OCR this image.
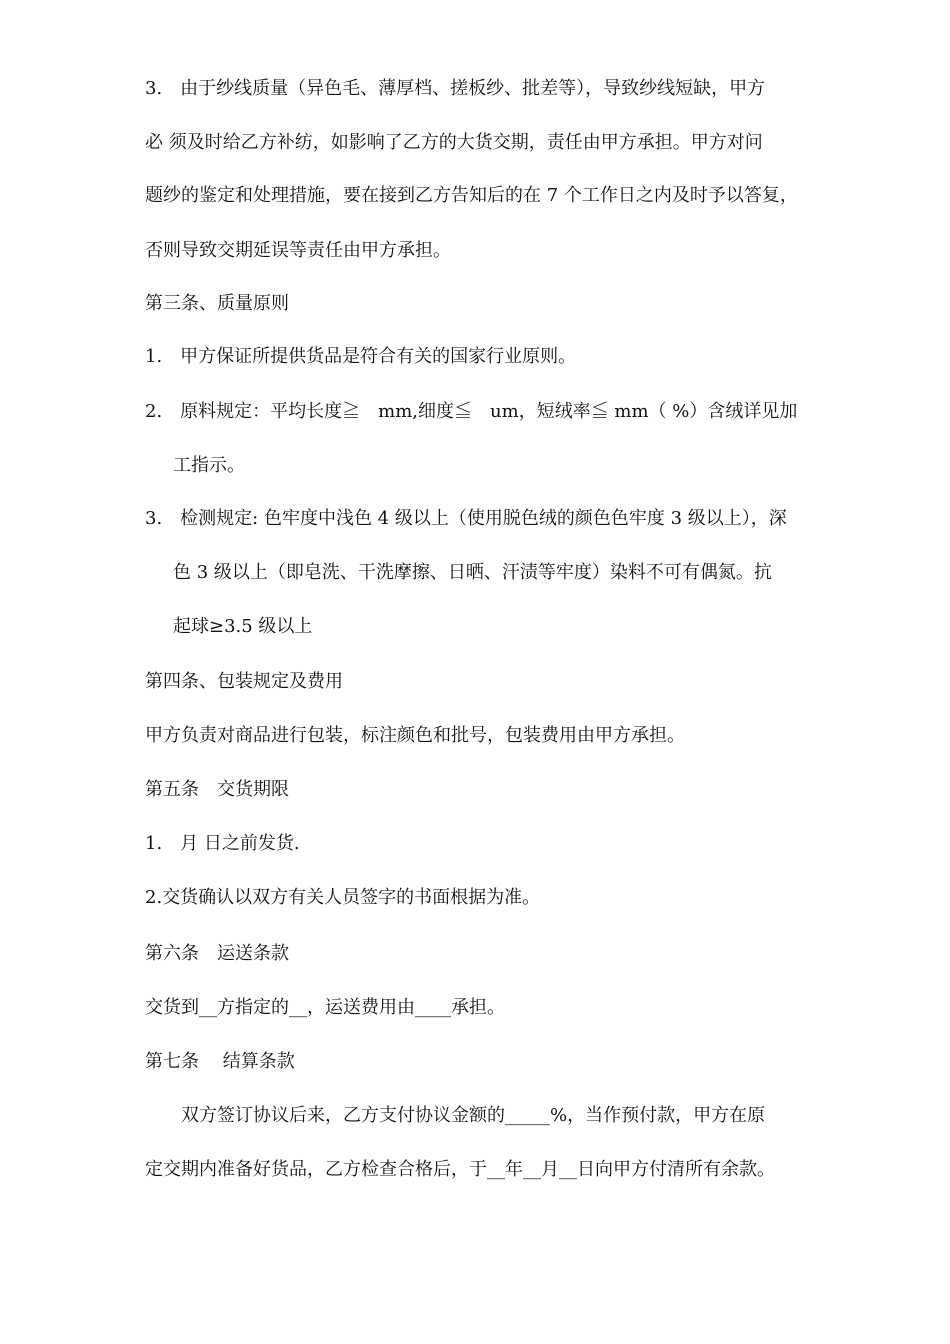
3.　由于纱线质量（异色毛、薄厚档、搓板纱、批差等），导致纱线短缺，甲方
必 须及时给乙方补纺，如影响了乙方的大货交期，责任由甲方承担。甲方对问
题纱的鉴定和处理措施，要在接到乙方告知后的在 7 个工作日之内及时予以答复，
否则导致交期延误等责任由甲方承担。
第三条、质量原则
1.　甲方保证所提供货品是符合有关的国家行业原则。
2.　原料规定：平均长度≧　mm,细度≦　um，短绒率≦ mm（ %）含绒详见加
工指示。
3.　检测规定: 色牢度中浅色 4 级以上（使用脱色绒的颜色色牢度 3 级以上），深
色 3 级以上（即皂洗、干洗摩擦、日晒、汗渍等牢度）染料不可有偶氮。抗
起球≥3.5 级以上
第四条、包装规定及费用
甲方负责对商品进行包装，标注颜色和批号，包装费用由甲方承担。
第五条　交货期限
1.　月 日之前发货.
2.交货确认以双方有关人员签字的书面根据为准。
第六条　运送条款
交货到__方指定的__，运送费用由____承担。
第七条　 结算条款
　　双方签订协议后来，乙方支付协议金额的_____%，当作预付款，甲方在原
定交期内准备好货品，乙方检查合格后，于__年__月__日向甲方付清所有余款。
